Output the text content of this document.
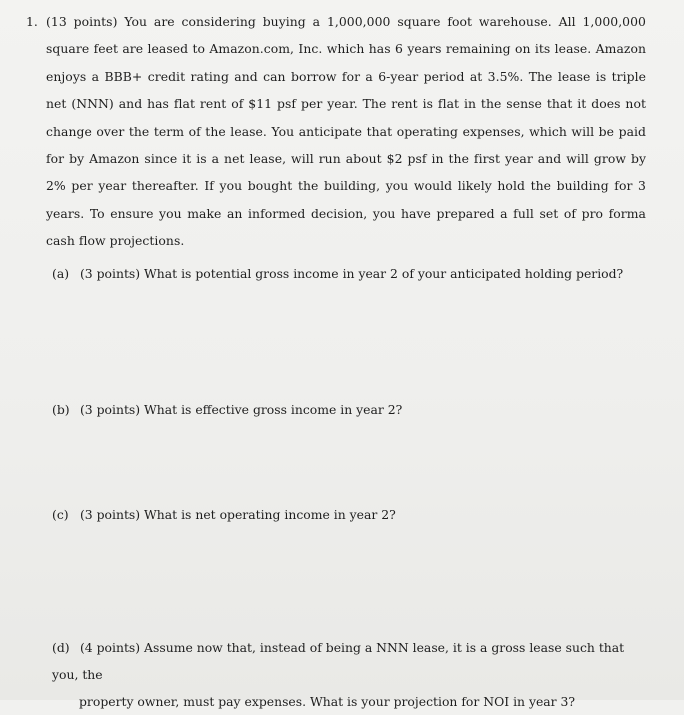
1. (13 points) You are considering buying a 1,000,000 square foot warehouse. All 1,000,000 square feet are leased to Amazon.com, Inc. which has 6 years remaining on its lease. Amazon enjoys a BBB+ credit rating and can borrow for a 6-year period at 3.5%. The lease is triple net (NNN) and has flat rent of $11 psf per year. The rent is flat in the sense that it does not change over the term of the lease. You anticipate that operating expenses, which will be paid for by Amazon since it is a net lease, will run about $2 psf in the first year and will grow by 2% per year thereafter. If you bought the building, you would likely hold the building for 3 years. To ensure you make an informed decision, you have prepared a full set of pro forma cash flow projections.
(a) (3 points) What is potential gross income in year 2 of your anticipated holding period?
(b) (3 points) What is effective gross income in year 2?
(c) (3 points) What is net operating income in year 2?
(d) (4 points) Assume now that, instead of being a NNN lease, it is a gross lease such that you, the
property owner, must pay expenses. What is your projection for NOI in year 3?
